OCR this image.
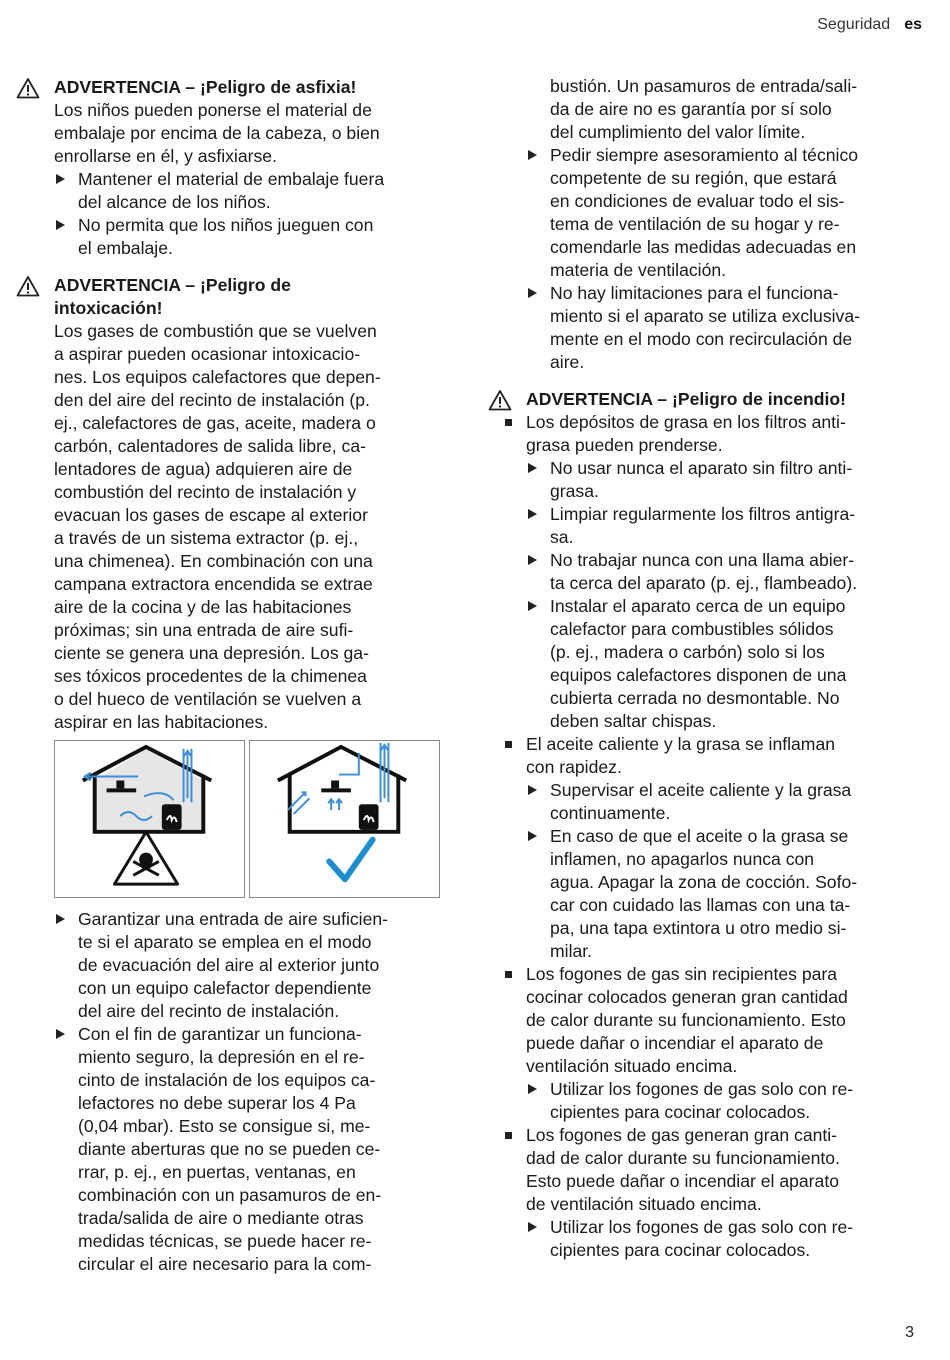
Seguridad es
ADVERTENCIA – ¡Peligro de asfixia!

Los niños pueden ponerse el material de
embalaje por encima de la cabeza, o bien
enrollarse en él, y asfixiarse.

Mantener el material de embalaje fuera
del alcance de los niños.
No permita que los niños jueguen con
el embalaje.
ADVERTENCIA – ¡Peligro de
intoxicación!

Los gases de combustión que se vuelven
a aspirar pueden ocasionar intoxicacio-
nes. Los equipos calefactores que depen-
den del aire del recinto de instalación (p.
ej., calefactores de gas, aceite, madera o
carbón, calentadores de salida libre, ca-
lentadores de agua) adquieren aire de
combustión del recinto de instalación y
evacuan los gases de escape al exterior
a través de un sistema extractor (p. ej.,
una chimenea). En combinación con una
campana extractora encendida se extrae
aire de la cocina y de las habitaciones
próximas; sin una entrada de aire sufi-
ciente se genera una depresión. Los ga-
ses tóxicos procedentes de la chimenea
o del hueco de ventilación se vuelven a
aspirar en las habitaciones.

Garantizar una entrada de aire suficien-
te si el aparato se emplea en el modo
de evacuación del aire al exterior junto
con un equipo calefactor dependiente
del aire del recinto de instalación.
Con el fin de garantizar un funciona-
miento seguro, la depresión en el re-
cinto de instalación de los equipos ca-
lefactores no debe superar los 4 Pa
(0,04 mbar). Esto se consigue si, me-
diante aberturas que no se pueden ce-
rrar, p. ej., en puertas, ventanas, en
combinación con un pasamuros de en-
trada/salida de aire o mediante otras
medidas técnicas, se puede hacer re-
circular el aire necesario para la com-

bustión. Un pasamuros de entrada/sali-
da de aire no es garantía por sí solo
del cumplimiento del valor límite.

Pedir siempre asesoramiento al técnico
competente de su región, que estará
en condiciones de evaluar todo el sis-
tema de ventilación de su hogar y re-
comendarle las medidas adecuadas en
materia de ventilación.
No hay limitaciones para el funciona-
miento si el aparato se utiliza exclusiva-
mente en el modo con recirculación de
aire.
ADVERTENCIA – ¡Peligro de incendio!
Los depósitos de grasa en los filtros anti-
grasa pueden prenderse.
No usar nunca el aparato sin filtro anti-
grasa.
Limpiar regularmente los filtros antigra-
sa.
No trabajar nunca con una llama abier-
ta cerca del aparato (p. ej., flambeado).
Instalar el aparato cerca de un equipo
calefactor para combustibles sólidos
(p. ej., madera o carbón) solo si los
equipos calefactores disponen de una
cubierta cerrada no desmontable. No
deben saltar chispas.
El aceite caliente y la grasa se inflaman
con rapidez.
Supervisar el aceite caliente y la grasa
continuamente.
En caso de que el aceite o la grasa se
inflamen, no apagarlos nunca con
agua. Apagar la zona de cocción. Sofo-
car con cuidado las llamas con una ta-
pa, una tapa extintora u otro medio si-
milar.
Los fogones de gas sin recipientes para
cocinar colocados generan gran cantidad
de calor durante su funcionamiento. Esto
puede dañar o incendiar el aparato de
ventilación situado encima.
Utilizar los fogones de gas solo con re-
cipientes para cocinar colocados.
Los fogones de gas generan gran canti-
dad de calor durante su funcionamiento.
Esto puede dañar o incendiar el aparato
de ventilación situado encima.
Utilizar los fogones de gas solo con re-
cipientes para cocinar colocados.
3
